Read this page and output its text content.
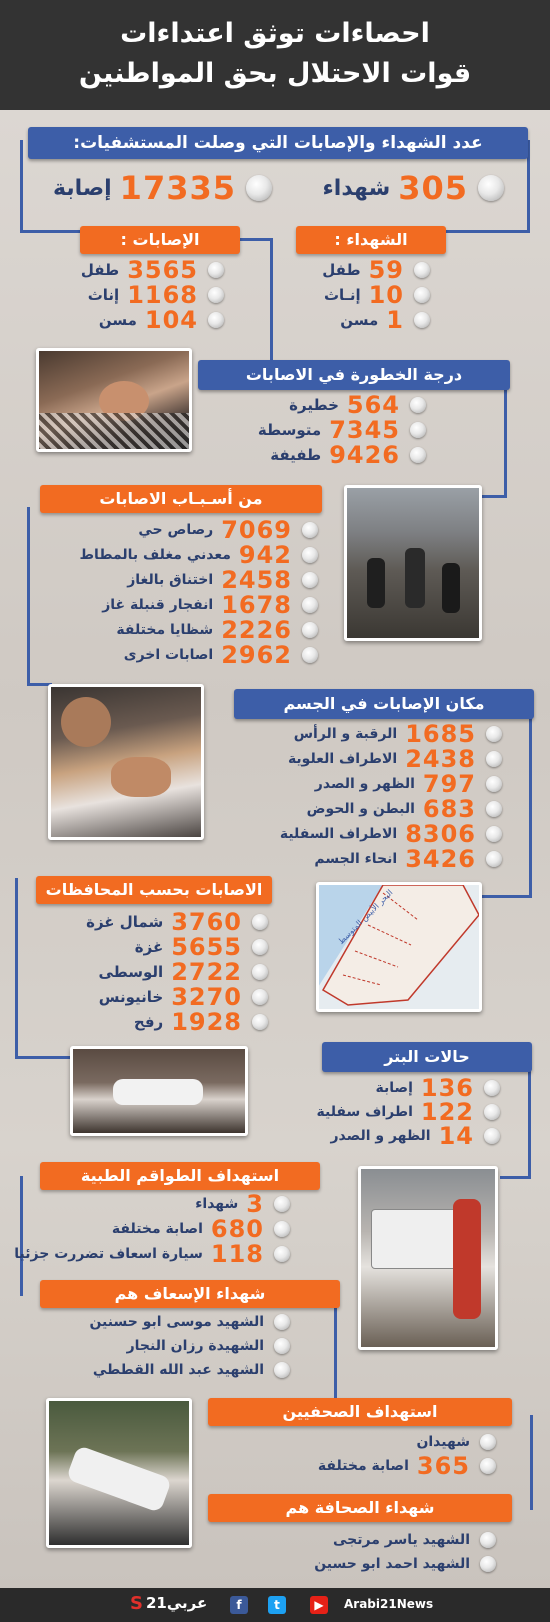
احصاءات توثق اعتداءات
قوات الاحتلال بحق المواطنين
عدد الشهداء والإصابات التي وصلت المستشفيات:
305
شهداء
17335
إصابة
الشهداء :
الإصابات :
59
طفل
10
إنـاث
1
مسن
3565
طفل
1168
إناث
104
مسن
درجة الخطورة في الاصابات
564
خطيرة
7345
متوسطة
9426
طفيفة
من أسـبـاب الاصابات
7069
رصاص حي
942
معدني مغلف بالمطاط
2458
اختناق بالغاز
1678
انفجار قنبلة غاز
2226
شظايا مختلفة
2962
اصابات اخرى
مكان الإصابات في الجسم
1685
الرقبة و الرأس
2438
الاطراف العلوية
797
الظهر و الصدر
683
البطن و الحوض
8306
الاطراف السفلية
3426
انحاء الجسم
البحر الأبيض المتوسط
الاصابات بحسب المحافظات
3760
شمال غزة
5655
غزة
2722
الوسطى
3270
خانيونس
1928
رفح
حالات البتر
136
إصابة
122
اطراف سفلية
14
الظهر و الصدر
استهداف الطواقم الطبية
3
شهداء
680
اصابة مختلفة
118
سيارة اسعاف تضررت جزئيا
شهداء الإسعاف هم
الشهيد موسى ابو حسنين
الشهيدة رزان النجار
الشهيد عبد الله القططي
استهداف الصحفيين
شهيدان
365
اصابة مختلفة
شهداء الصحافة هم
الشهيد ياسر مرتجى
الشهيد احمد ابو حسين
عربي21
S	f	t	▶	Arabi21News
